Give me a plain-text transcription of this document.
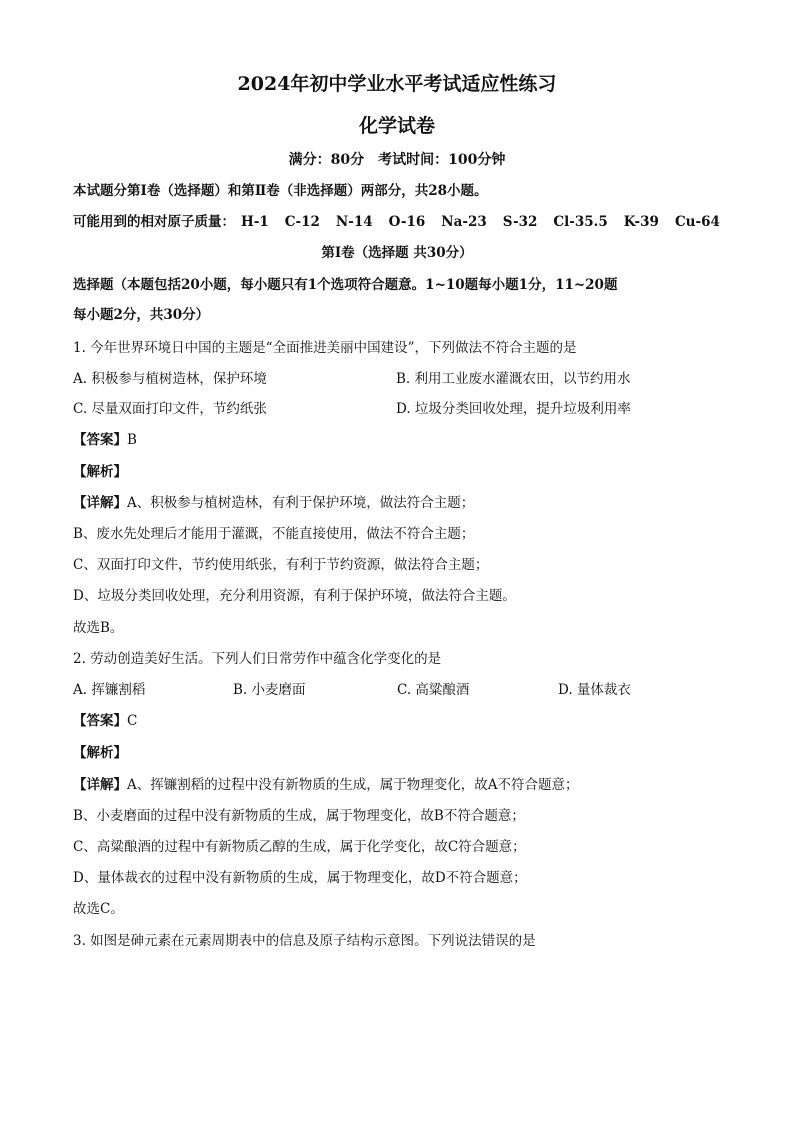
2024年初中学业水平考试适应性练习
化学试卷
满分：80分　考试时间：100分钟
本试题分第Ⅰ卷（选择题）和第Ⅱ卷（非选择题）两部分，共28小题。
可能用到的相对原子质量： H-1 C-12 N-14 O-16 Na-23 S-32 Cl-35.5 K-39 Cu-64
第Ⅰ卷（选择题 共30分）
选择题（本题包括20小题，每小题只有1个选项符合题意。1~10题每小题1分，11~20题
每小题2分，共30分）
1. 今年世界环境日中国的主题是“全面推进美丽中国建设”，下列做法不符合主题的是
A. 积极参与植树造林，保护环境	B. 利用工业废水灌溉农田，以节约用水
C. 尽量双面打印文件，节约纸张	D. 垃圾分类回收处理，提升垃圾利用率
【答案】B
【解析】
【详解】A、积极参与植树造林，有利于保护环境，做法符合主题；
B、废水先处理后才能用于灌溉，不能直接使用，做法不符合主题；
C、双面打印文件，节约使用纸张，有利于节约资源，做法符合主题；
D、垃圾分类回收处理，充分利用资源，有利于保护环境，做法符合主题。
故选B。
2. 劳动创造美好生活。下列人们日常劳作中蕴含化学变化的是
A. 挥镰割稻	B. 小麦磨面	C. 高粱酿酒	D. 量体裁衣
【答案】C
【解析】
【详解】A、挥镰割稻的过程中没有新物质的生成，属于物理变化，故A不符合题意；
B、小麦磨面的过程中没有新物质的生成，属于物理变化，故B不符合题意；
C、高粱酿酒的过程中有新物质乙醇的生成，属于化学变化，故C符合题意；
D、量体裁衣的过程中没有新物质的生成，属于物理变化，故D不符合题意；
故选C。
3. 如图是砷元素在元素周期表中的信息及原子结构示意图。下列说法错误的是
